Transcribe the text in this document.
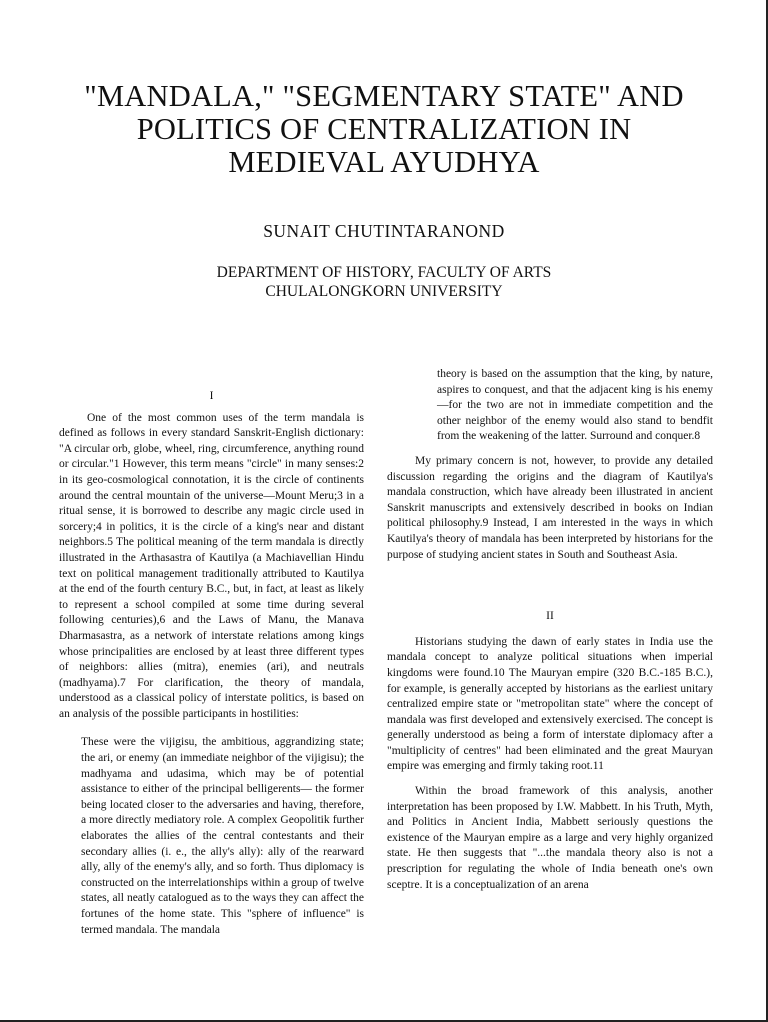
"MANDALA," "SEGMENTARY STATE" AND
POLITICS OF CENTRALIZATION IN
MEDIEVAL AYUDHYA
SUNAIT CHUTINTARANOND
DEPARTMENT OF HISTORY, FACULTY OF ARTS
CHULALONGKORN UNIVERSITY

I

One of the most common uses of the term mandala is defined as follows in every standard Sanskrit-English dictionary: "A circular orb, globe, wheel, ring, circumference, anything round or circular."1 However, this term means "circle" in many senses:2 in its geo-cosmological connotation, it is the circle of continents around the central mountain of the universe—Mount Meru;3 in a ritual sense, it is borrowed to describe any magic circle used in sorcery;4 in politics, it is the circle of a king's near and distant neighbors.5 The political meaning of the term mandala is directly illustrated in the Arthasastra of Kautilya (a Machiavellian Hindu text on political management traditionally attributed to Kautilya at the end of the fourth century B.C., but, in fact, at least as likely to represent a school compiled at some time during several following centuries),6 and the Laws of Manu, the Manava Dharmasastra, as a network of interstate relations among kings whose principalities are enclosed by at least three different types of neighbors: allies (mitra), enemies (ari), and neutrals (madhyama).7 For clarification, the theory of mandala, understood as a classical policy of interstate politics, is based on an analysis of the possible participants in hostilities:

These were the vijigisu, the ambitious, aggrandizing state; the ari, or enemy (an immediate neighbor of the vijigisu); the madhyama and udasima, which may be of potential assistance to either of the principal belligerents— the former being located closer to the adversaries and having, therefore, a more directly mediatory role. A complex Geopolitik further elaborates the allies of the central contestants and their secondary allies (i. e., the ally's ally): ally of the rearward ally, ally of the enemy's ally, and so forth. Thus diplomacy is constructed on the interrelationships within a group of twelve states, all neatly catalogued as to the ways they can affect the fortunes of the home state. This "sphere of influence" is termed mandala. The mandala

theory is based on the assumption that the king, by nature, aspires to conquest, and that the adjacent king is his enemy—for the two are not in immediate competition and the other neighbor of the enemy would also stand to bendfit from the weakening of the latter. Surround and conquer.8

My primary concern is not, however, to provide any detailed discussion regarding the origins and the diagram of Kautilya's mandala construction, which have already been illustrated in ancient Sanskrit manuscripts and extensively described in books on Indian political philosophy.9 Instead, I am interested in the ways in which Kautilya's theory of mandala has been interpreted by historians for the purpose of studying ancient states in South and Southeast Asia.

II

Historians studying the dawn of early states in India use the mandala concept to analyze political situations when imperial kingdoms were found.10 The Mauryan empire (320 B.C.-185 B.C.), for example, is generally accepted by historians as the earliest unitary centralized empire state or "metropolitan state" where the concept of mandala was first developed and extensively exercised. The concept is generally understood as being a form of interstate diplomacy after a "multiplicity of centres" had been eliminated and the great Mauryan empire was emerging and firmly taking root.11

Within the broad framework of this analysis, another interpretation has been proposed by I.W. Mabbett. In his Truth, Myth, and Politics in Ancient India, Mabbett seriously questions the existence of the Mauryan empire as a large and very highly organized state. He then suggests that "...the mandala theory also is not a prescription for regulating the whole of India beneath one's own sceptre. It is a conceptualization of an arena
